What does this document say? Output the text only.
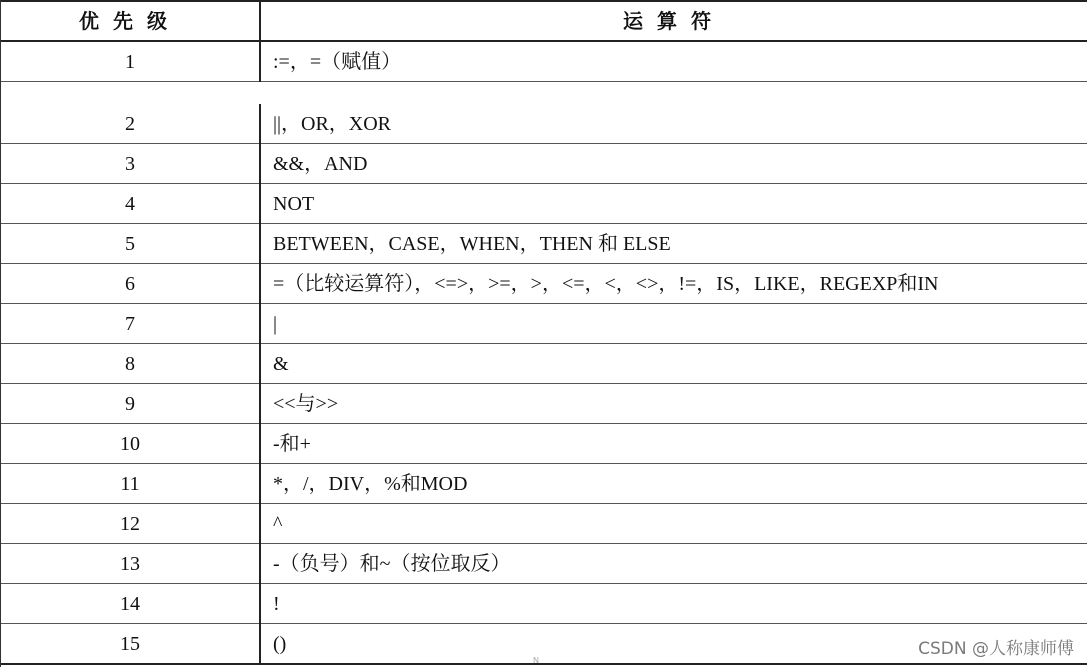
优先级	运算符
1	:=，=（赋值）
2	||，OR，XOR
3	&&，AND
4	NOT
5	BETWEEN，CASE，WHEN，THEN 和 ELSE
6	=（比较运算符），<=>，>=，>，<=，<，<>，!=，IS，LIKE，REGEXP和IN
7	|
8	&
9	<<与>>
10	-和+
11	*，/，DIV，%和MOD
12	^
13	-（负号）和~（按位取反）
14	!
15	()	CSDN @人称康师傅
N
